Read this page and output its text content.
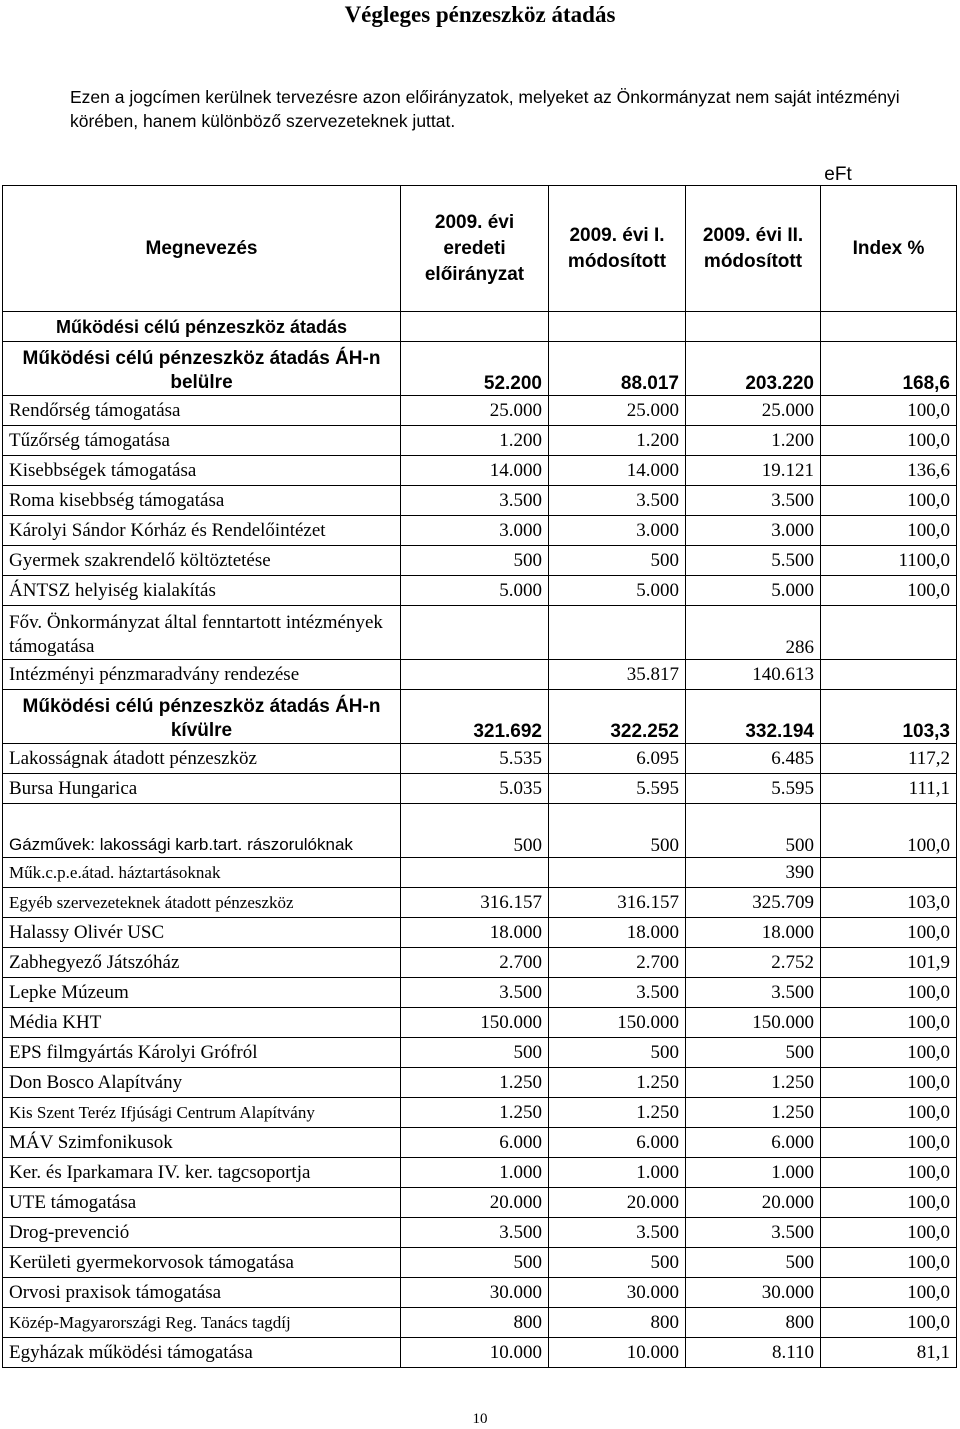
Végleges pénzeszköz átadás
Ezen a jogcímen kerülnek tervezésre azon előirányzatok, melyeket az Önkormányzat nem saját intézményi körében, hanem különböző szervezeteknek juttat.
eFt
Megnevezés	2009. évi eredeti előirányzat	2009. évi I. módosított	2009. évi II. módosított	Index %
Működési célú pénzeszköz átadás				
Működési célú pénzeszköz átadás ÁH-n belülre	52.200	88.017	203.220	168,6
Rendőrség támogatása	25.000	25.000	25.000	100,0
Tűzőrség támogatása	1.200	1.200	1.200	100,0
Kisebbségek támogatása	14.000	14.000	19.121	136,6
Roma kisebbség támogatása	3.500	3.500	3.500	100,0
Károlyi Sándor Kórház és Rendelőintézet	3.000	3.000	3.000	100,0
Gyermek szakrendelő költöztetése	500	500	5.500	1100,0
ÁNTSZ helyiség kialakítás	5.000	5.000	5.000	100,0
Főv. Önkormányzat által fenntartott intézmények támogatása			286	
Intézményi pénzmaradvány rendezése		35.817	140.613	
Működési célú pénzeszköz átadás ÁH-n kívülre	321.692	322.252	332.194	103,3
Lakosságnak átadott pénzeszköz	5.535	6.095	6.485	117,2
Bursa Hungarica	5.035	5.595	5.595	111,1
Gázművek: lakossági karb.tart. rászorulóknak	500	500	500	100,0
Műk.c.p.e.átad. háztartásoknak			390	
Egyéb szervezeteknek átadott pénzeszköz	316.157	316.157	325.709	103,0
Halassy Olivér USC	18.000	18.000	18.000	100,0
Zabhegyező Játszóház	2.700	2.700	2.752	101,9
Lepke Múzeum	3.500	3.500	3.500	100,0
Média KHT	150.000	150.000	150.000	100,0
EPS filmgyártás Károlyi Grófról	500	500	500	100,0
Don Bosco Alapítvány	1.250	1.250	1.250	100,0
Kis Szent Teréz Ifjúsági Centrum Alapítvány	1.250	1.250	1.250	100,0
MÁV Szimfonikusok	6.000	6.000	6.000	100,0
Ker. és Iparkamara IV. ker. tagcsoportja	1.000	1.000	1.000	100,0
UTE támogatása	20.000	20.000	20.000	100,0
Drog-prevenció	3.500	3.500	3.500	100,0
Kerületi gyermekorvosok támogatása	500	500	500	100,0
Orvosi praxisok támogatása	30.000	30.000	30.000	100,0
Közép-Magyarországi Reg. Tanács tagdíj	800	800	800	100,0
Egyházak működési támogatása	10.000	10.000	8.110	81,1
10
